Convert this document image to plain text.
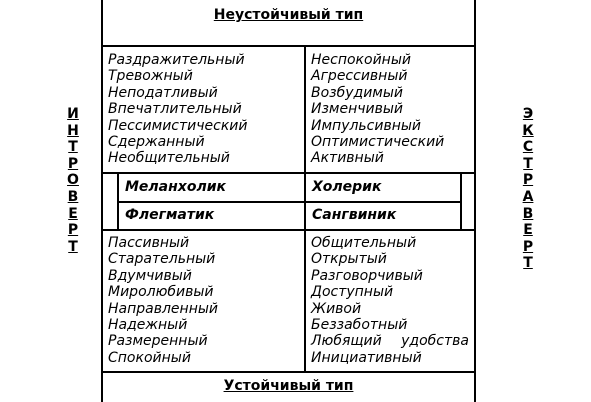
Неустойчивый тип
Устойчивый тип
Раздражительный
Тревожный
Неподатливый
Впечатлительный
Пессимистический
Сдержанный
Необщительный
Неспокойный
Агрессивный
Возбудимый
Изменчивый
Импульсивный
Оптимистический
Активный
Пассивный
Старательный
Вдумчивый
Миролюбивый
Направленный
Надежный
Размеренный
Спокойный
Общительный
Открытый
Разговорчивый
Доступный
Живой
Беззаботный
Любящий удобства
Инициативный
Меланхолик	Холерик
Флегматик	Сангвиник
И
Н
Т
Р
О
В
Е
Р
Т
Э
К
С
Т
Р
А
В
Е
Р
Т
